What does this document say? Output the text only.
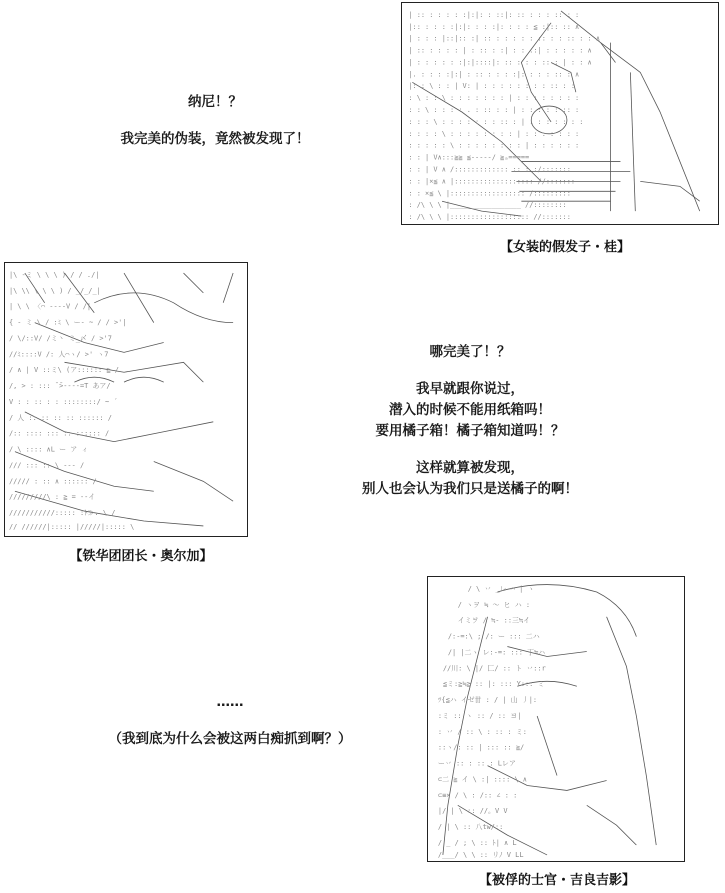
纳尼！？
我完美的伪装，竟然被发现了！
| :: : : : : :|:|: : ::|: :: : : : :: : :
|:: : : : :|:|: : : :|: : : : ≦ :|:: :: ∧
| : : : |::|:: :| :: : : : : : :: : : :: : : ∧
| :: : : : : | : :: : :| : : ::| : : : : : ∧
| : : : : : :|:|::::|: :: : : : :: : | : : ∧
|. : : : :|:| : :: : : : :|: : : : :: : ∧
|: : \ : : | V: | : : : : : : : : :: : :
: \ : : \ : : : : : : : | : : : : : : : :
: : \ : : : : . : :: : : | : : : : : :: :
: : : \ : : : : : : : :: : | : : : : : : :
: : : : \ : : : : : : : : | : : : : : : :
: : : : : \ : : : : : : : : | : : : : : :
: : | V∧:::≧≧ ≦-----/ ≧ₐ===== ______
: : | V ∧ /::::::::::::: :: : :/:::::::
: : |×≦ ∧ |::::::::::::::::::: //:::::::
: : ×≦ \ |:::::::::::::::::: /:::::::::
: /\ \ \ |_________________ //::::::::
: /\ \ \ |::::::::::::::::::: //:::::::
【女装的假发子・桂】
|\ -ミ \ \ \ ) / / ./|
|\ \\ \ \ \ ) / _/_/_|
| \ \ 〈⌒ ----V / /|
{ - ミ \ / :ﾐ \ ー- ~ / / >'|
/ \/::V/ /ミ丶 ミ_〆 / >'7
//ﾐ::::V /: 人⌒ヽ/ >' ヽ7
/ ∧ | V ::ミ\ (ア:::::: ≧ /
/, > : ::: ̄ ̄>----=T あア/
V : : :: : : ::::::::/ ~ ´
/ 人 :: :: :: :: :::::: /
/:: :::: ::: :: :::::: /
/ \ :::: ∧L ー ア ィ
/// ::: :: \ --- /
///// : :: ∧ :::::: /
/////////\ : ≧ = --イ
///////////::::: :ﾄ≫. \ /
// //////|::::: |/////|::::: \
【铁华团团长・奥尔加】
哪完美了！？
我早就跟你说过，
潜入的时候不能用纸箱吗！
要用橘子箱！橘子箱知道吗！？
这样就算被发现，
别人也会认为我们只是送橘子的啊！
……
（我到底为什么会被这两白痴抓到啊？）
/ \ 丷 _レ ⌒ | ヽ
/ ヽヲ ≒ 〜 ヒ ハ :
イミヲ / ≒- ::三≒イ
/:-=:\ ; /: ー ::: 二ハ
/| |二ヽ レ:-=: ::: 丁≒ハ
//川: \ |/ 匚/ :: ト 丷::r
≦ミ:≧≒≧ :: |: ::: Y::: ミ
ﾂ{≦ハ イゼ丗 : / | 山 丿|:
:ミ :: ヽ :: / :: ヨ|
: 丷 / :: \ : :: : ミ:
::ヽ/: :: | ::: :: ≧/
ー丷 :: : :: : Lレア
⊂二 ≧ イ \ :| :::: \ ∧
⊂≡× / \ : /:: ∠ : :
|/ | \ :: //。V V
/ | \ :: 八tw/::
/ _ / ; \ :: ﾄ| ∧ L
/___/ \ \ :: リﾉ V LL
【被俘的士官・吉良吉影】
